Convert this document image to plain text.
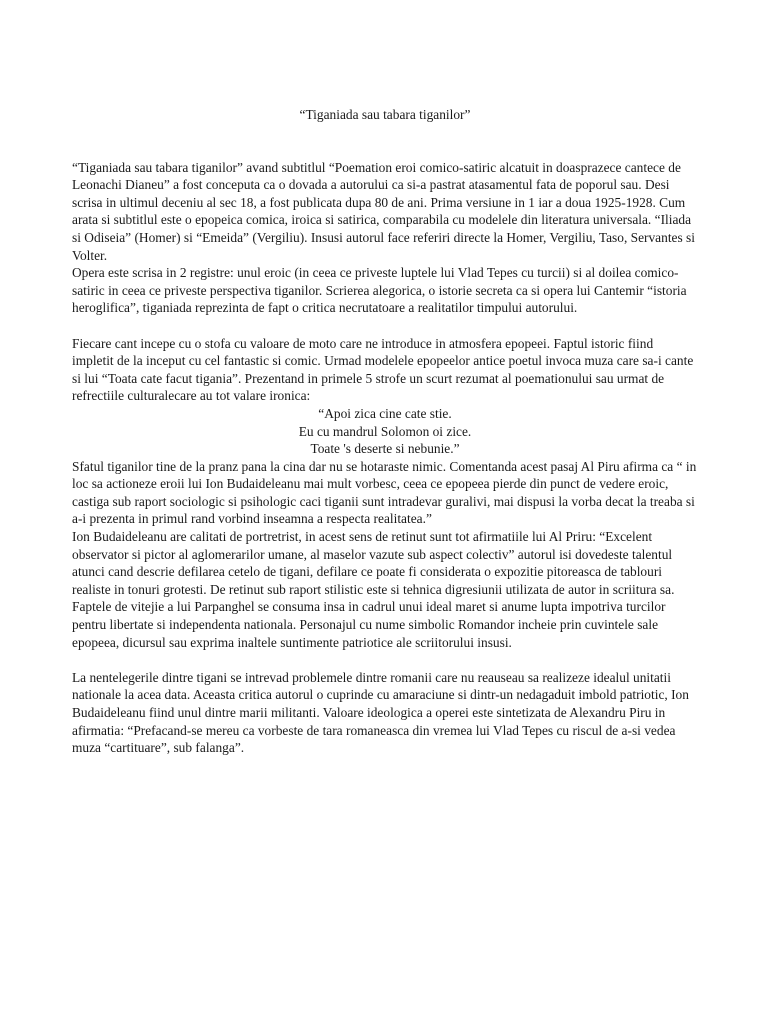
“Tiganiada sau tabara tiganilor”

“Tiganiada sau tabara tiganilor” avand subtitlul “Poemation eroi comico-satiric alcatuit in doasprazece cantece de Leonachi Dianeu” a fost conceputa ca o dovada a autorului ca si-a pastrat atasamentul fata de poporul sau. Desi scrisa in ultimul deceniu al sec 18, a fost publicata dupa 80 de ani. Prima versiune in 1 iar a doua 1925-1928. Cum arata si subtitlul este o epopeica comica, iroica si satirica, comparabila cu modelele din literatura universala. “Iliada si Odiseia” (Homer) si “Emeida” (Vergiliu). Insusi autorul face referiri directe la Homer, Vergiliu, Taso, Servantes si Volter.

Opera este scrisa in 2 registre: unul eroic (in ceea ce priveste luptele lui Vlad Tepes cu turcii) si al doilea comico-satiric in ceea ce priveste perspectiva tiganilor. Scrierea alegorica, o istorie secreta ca si opera lui Cantemir “istoria heroglifica”, tiganiada reprezinta de fapt o critica necrutatoare a realitatilor timpului autorului.

Fiecare cant incepe cu o stofa cu valoare de moto care ne introduce in atmosfera epopeei. Faptul istoric fiind impletit de la inceput cu cel fantastic si comic. Urmad modelele epopeelor antice poetul invoca muza care sa-i cante si lui “Toata cate facut tigania”. Prezentand in primele 5 strofe un scurt rezumat al poemationului sau urmat de refrectiile culturalecare au tot valare ironica:

“Apoi zica cine cate stie.

Eu cu mandrul Solomon oi zice.

Toate 's deserte si nebunie.”

Sfatul tiganilor tine de la pranz pana la cina dar nu se hotaraste nimic. Comentanda acest pasaj Al Piru afirma ca “ in loc sa actioneze eroii lui Ion Budaideleanu mai mult vorbesc, ceea ce epopeea pierde din punct de vedere eroic, castiga sub raport sociologic si psihologic caci tiganii sunt intradevar guralivi, mai dispusi la vorba decat la treaba si a-i prezenta in primul rand vorbind inseamna a respecta realitatea.”

Ion Budaideleanu are calitati de portretrist, in acest sens de retinut sunt tot afirmatiile lui Al Priru: “Excelent observator si pictor al aglomerarilor umane, al maselor vazute sub aspect colectiv” autorul isi dovedeste talentul atunci cand descrie defilarea cetelo de tigani, defilare ce poate fi considerata o expozitie pitoreasca de tablouri realiste in tonuri grotesti. De retinut sub raport stilistic este si tehnica digresiunii utilizata de autor in scriitura sa. Faptele de vitejie a lui Parpanghel se consuma insa in cadrul unui ideal maret si anume lupta impotriva turcilor pentru libertate si independenta nationala. Personajul cu nume simbolic Romandor incheie prin cuvintele sale epopeea, dicursul sau exprima inaltele suntimente patriotice ale scriitorului insusi.

La nentelegerile dintre tigani se intrevad problemele dintre romanii care nu reauseau sa realizeze idealul unitatii nationale la acea data. Aceasta critica autorul o cuprinde cu amaraciune si dintr-un nedagaduit imbold patriotic, Ion Budaideleanu fiind unul dintre marii militanti. Valoare ideologica a operei este sintetizata de Alexandru Piru in afirmatia: “Prefacand-se mereu ca vorbeste de tara romaneasca din vremea lui Vlad Tepes cu riscul de a-si vedea muza “cartituare”, sub falanga”.
